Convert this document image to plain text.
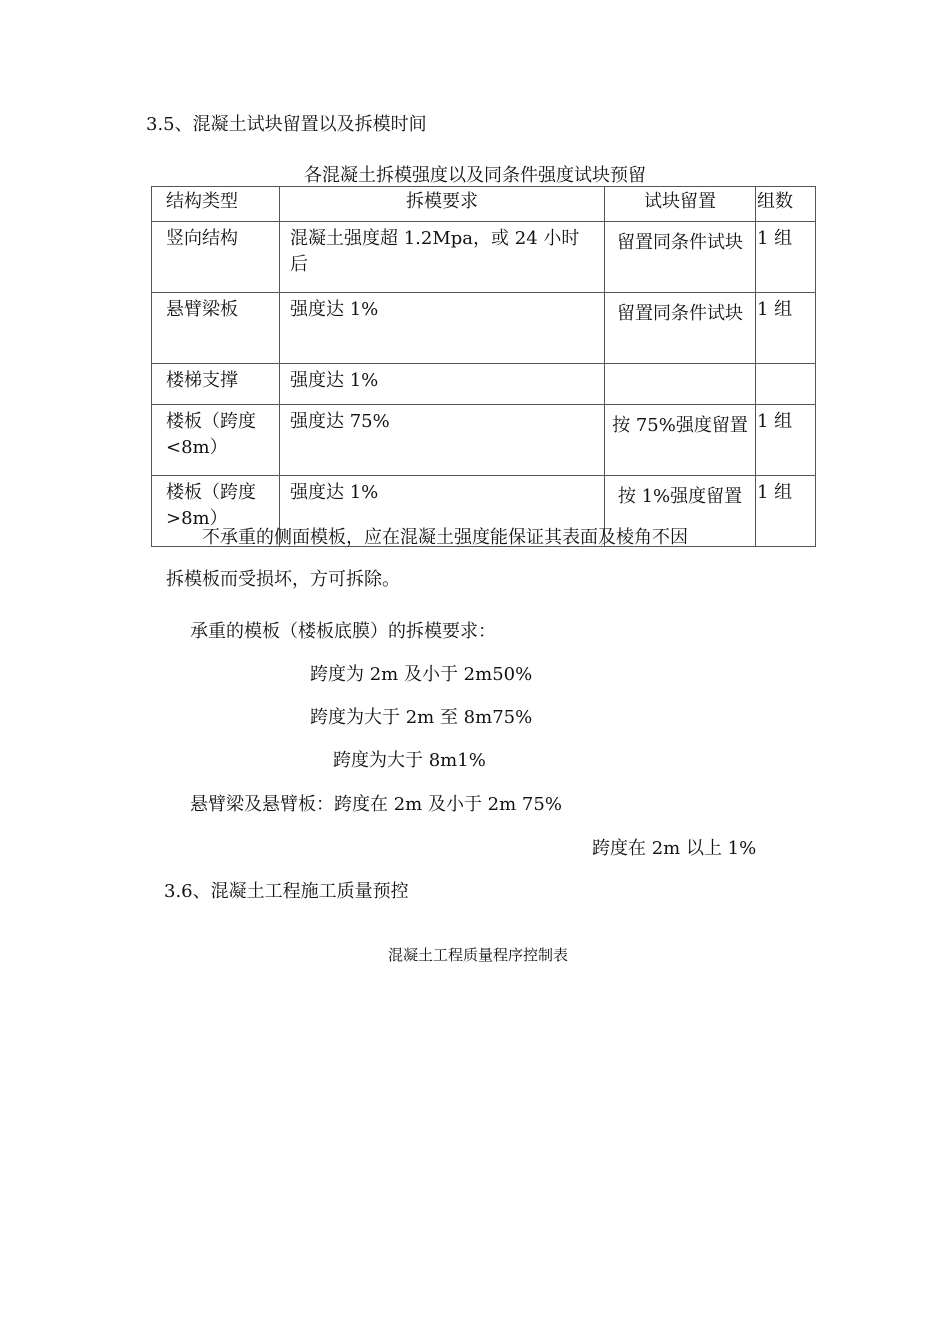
3.5、混凝土试块留置以及拆模时间
各混凝土拆模强度以及同条件强度试块预留
结构类型	拆模要求	试块留置	组数
竖向结构	混凝土强度超 1.2Mpa，或 24 小时后	留置同条件试块	1 组
悬臂梁板	强度达 1%	留置同条件试块	1 组
楼梯支撑	强度达 1%		
楼板（跨度<8m）	强度达 75%	按 75%强度留置	1 组
楼板（跨度>8m）	强度达 1%	按 1%强度留置	1 组
不承重的侧面模板，应在混凝土强度能保证其表面及棱角不因
拆模板而受损坏，方可拆除。
承重的模板（楼板底膜）的拆模要求：
跨度为 2m 及小于 2m50%
跨度为大于 2m 至 8m75%
跨度为大于 8m1%
悬臂梁及悬臂板：跨度在 2m 及小于 2m 75%
跨度在 2m 以上 1%
3.6、混凝土工程施工质量预控
混凝土工程质量程序控制表
